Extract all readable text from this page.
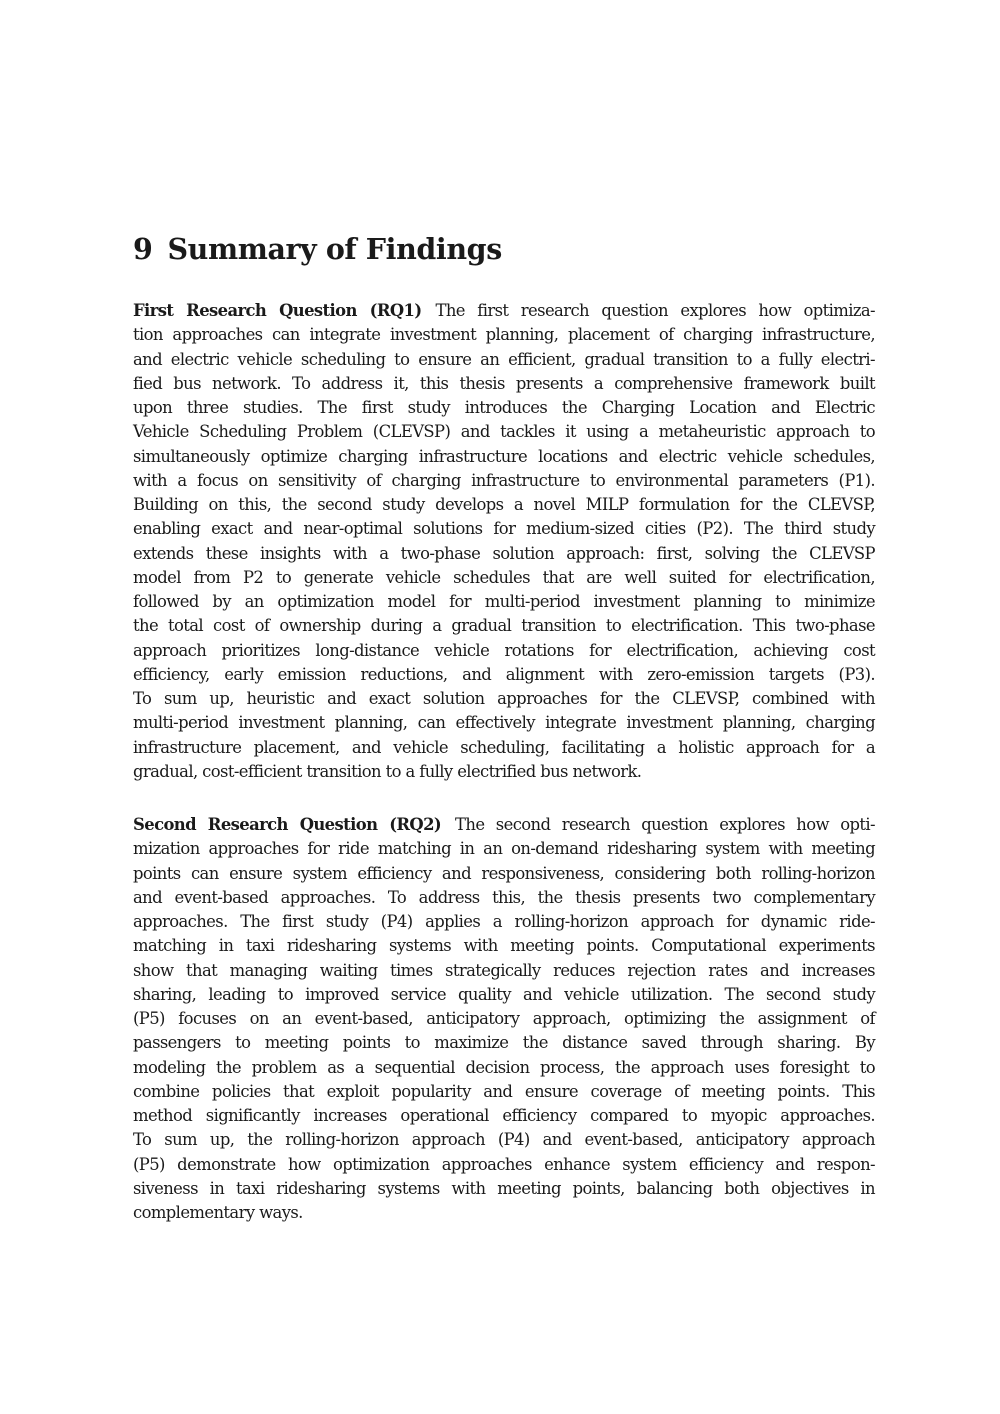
9 Summary of Findings
First Research Question (RQ1) The first research question explores how optimiza-
tion approaches can integrate investment planning, placement of charging infrastructure,
and electric vehicle scheduling to ensure an efficient, gradual transition to a fully electri-
fied bus network. To address it, this thesis presents a comprehensive framework built
upon three studies. The first study introduces the Charging Location and Electric
Vehicle Scheduling Problem (CLEVSP) and tackles it using a metaheuristic approach to
simultaneously optimize charging infrastructure locations and electric vehicle schedules,
with a focus on sensitivity of charging infrastructure to environmental parameters (P1).
Building on this, the second study develops a novel MILP formulation for the CLEVSP,
enabling exact and near-optimal solutions for medium-sized cities (P2). The third study
extends these insights with a two-phase solution approach: first, solving the CLEVSP
model from P2 to generate vehicle schedules that are well suited for electrification,
followed by an optimization model for multi-period investment planning to minimize
the total cost of ownership during a gradual transition to electrification. This two-phase
approach prioritizes long-distance vehicle rotations for electrification, achieving cost
efficiency, early emission reductions, and alignment with zero-emission targets (P3).
To sum up, heuristic and exact solution approaches for the CLEVSP, combined with
multi-period investment planning, can effectively integrate investment planning, charging
infrastructure placement, and vehicle scheduling, facilitating a holistic approach for a
gradual, cost-efficient transition to a fully electrified bus network.
Second Research Question (RQ2) The second research question explores how opti-
mization approaches for ride matching in an on-demand ridesharing system with meeting
points can ensure system efficiency and responsiveness, considering both rolling-horizon
and event-based approaches. To address this, the thesis presents two complementary
approaches. The first study (P4) applies a rolling-horizon approach for dynamic ride-
matching in taxi ridesharing systems with meeting points. Computational experiments
show that managing waiting times strategically reduces rejection rates and increases
sharing, leading to improved service quality and vehicle utilization. The second study
(P5) focuses on an event-based, anticipatory approach, optimizing the assignment of
passengers to meeting points to maximize the distance saved through sharing. By
modeling the problem as a sequential decision process, the approach uses foresight to
combine policies that exploit popularity and ensure coverage of meeting points. This
method significantly increases operational efficiency compared to myopic approaches.
To sum up, the rolling-horizon approach (P4) and event-based, anticipatory approach
(P5) demonstrate how optimization approaches enhance system efficiency and respon-
siveness in taxi ridesharing systems with meeting points, balancing both objectives in
complementary ways.
